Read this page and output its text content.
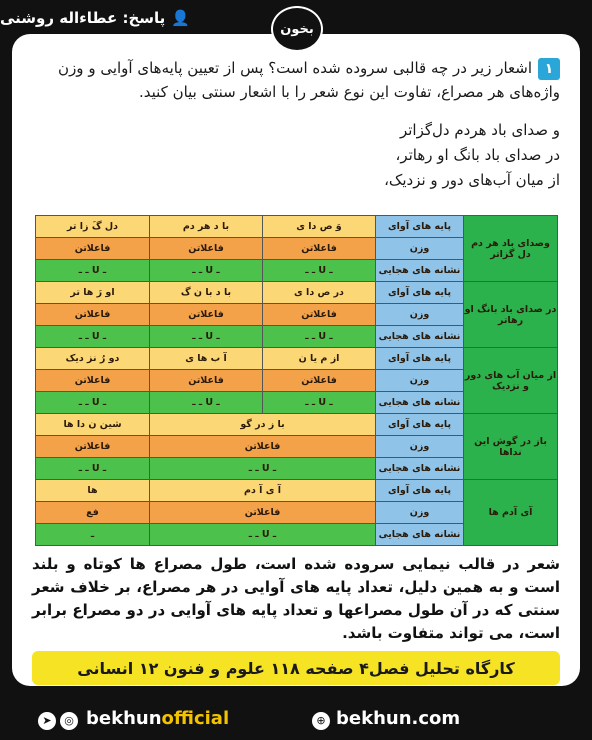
👤
پاسخ: عطاءاله روشنی
بخون
۱اشعار زیر در چه قالبی سروده شده است؟ پس از تعیین پایه‌های آوایی و وزن واژه‌های هر مصراع، تفاوت این نوع شعر را با اشعار سنتی بیان کنید.
و صدای باد هردم دل‌گزاتر
در صدای باد بانگ او رهاتر،
از میان آب‌های دور و نزدیک،
وصدای باد هر دم دل گزاتر	پایه های آوای	وَ ص دا ی	با د هر دم	دل گَ زا تر
	وزن	فاعلاتن	فاعلاتن	فاعلاتن
	نشانه های هجایی	ـ U ـ ـ	ـ U ـ ـ	ـ U ـ ـ
در صدای باد بانگ او رهاتر	پایه های آوای	در ص دا ی	با د با ن گ	او رَ ها تر
	وزن	فاعلاتن	فاعلاتن	فاعلاتن
	نشانه های هجایی	ـ U ـ ـ	ـ U ـ ـ	ـ U ـ ـ
از میان آب های دور و نزدیک	پایه های آوای	از م یا ن	آ ب ها ی	دو رُ نز دیک
	وزن	فاعلاتن	فاعلاتن	فاعلاتن
	نشانه های هجایی	ـ U ـ ـ	ـ U ـ ـ	ـ U ـ ـ
باز در گوش این نداها	پایه های آوای	با ز در گو		شین ن دا ها
	وزن	فاعلاتن		فاعلاتن
	نشانه های هجایی	ـ U ـ ـ		ـ U ـ ـ
آی آدم ها	پایه های آوای	آ ی آ دم		ها
	وزن	فاعلاتن		فع
	نشانه های هجایی	ـ U ـ ـ		ـ
شعر در قالب نیمایی سروده شده است، طول مصراع ها کوتاه و بلند است و به همین دلیل، تعداد پایه های آوایی در هر مصراع، بر خلاف شعر سنتی که در آن طول مصراعها و تعداد پایه های آوایی در دو مصراع برابر است، می تواند متفاوت باشد.
کارگاه تحلیل فصل۴ صفحه ۱۱۸ علوم و فنون ۱۲ انسانی
➤	◎ bekhunofficial	⊕ bekhun.com
